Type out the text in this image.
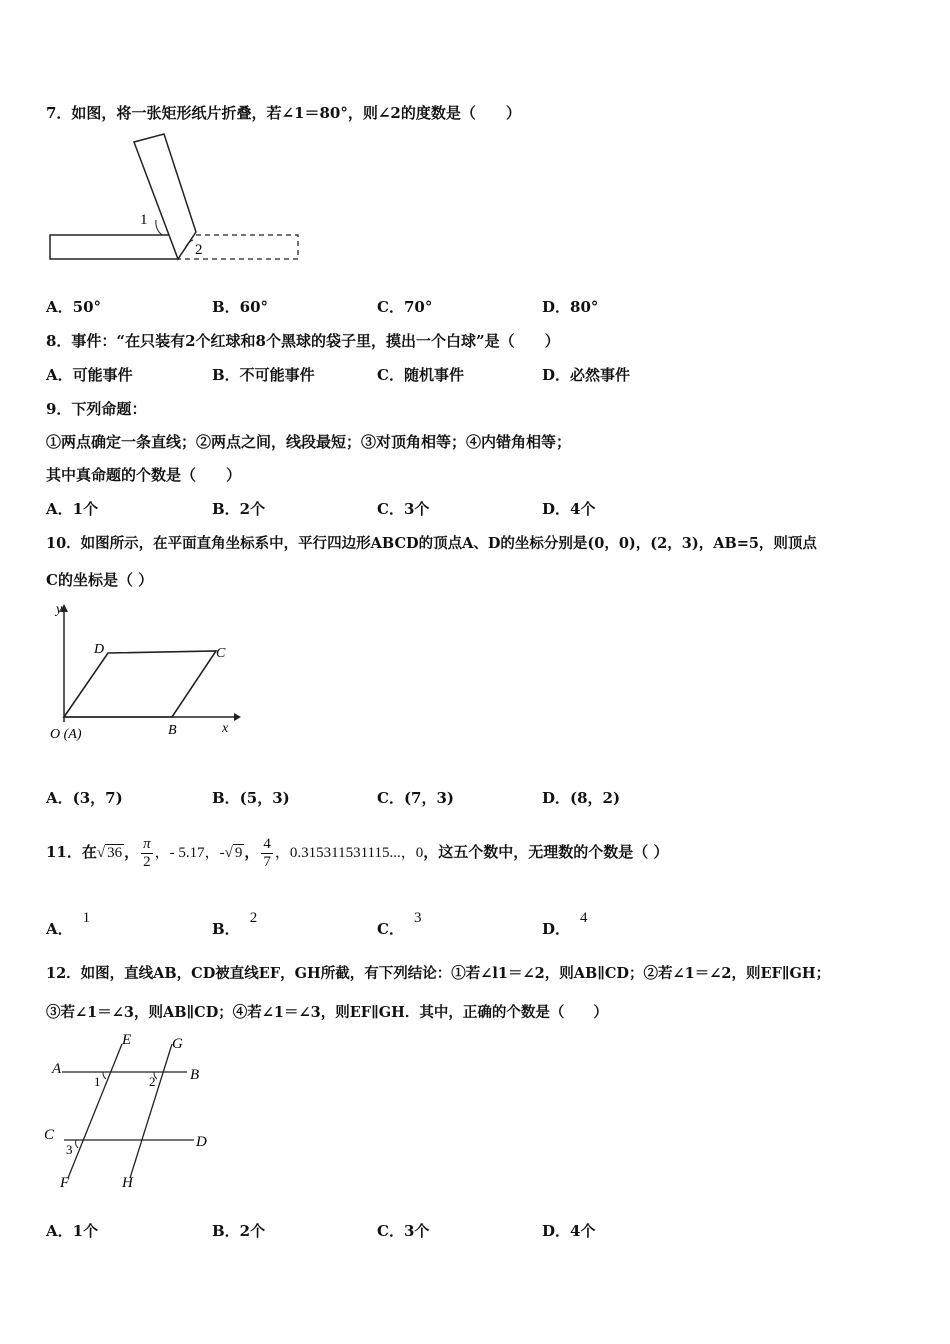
7．如图，将一张矩形纸片折叠，若∠1＝80°，则∠2的度数是（　　）
1
2
A．50°	B．60°	C．70°	D．80°
8．事件：“在只装有2个红球和8个黑球的袋子里，摸出一个白球”是（　　）
A．可能事件	B．不可能事件	C．随机事件	D．必然事件
9．下列命题：
①两点确定一条直线；②两点之间，线段最短；③对顶角相等；④内错角相等；
其中真命题的个数是（　　）
A．1个	B．2个	C．3个	D．4个
10．如图所示，在平面直角坐标系中，平行四边形ABCD的顶点A、D的坐标分别是(0，0)，(2，3)，AB=5，则顶点
C的坐标是（ ）
y
x
O (A)	B
C
D
A．(3，7)	B．(5，3)	C．(7，3)	D．(8，2)
11．在√ 36 ， $\frac{\pi}{2}$ ，- 5.17，-√ 9 ， $\frac{4}{7}$ ，0.315311531115...，0，这五个数中，无理数的个数是（ ）
A．1
B．2
C．3
D．4
12．如图，直线AB，CD被直线EF，GH所截，有下列结论：①若∠l1＝∠2，则AB∥CD；②若∠1＝∠2，则EF∥GH；
③若∠1＝∠3，则AB∥CD；④若∠1＝∠3，则EF∥GH．其中，正确的个数是（　　）
A	B
C	D
E
F
G
H
1	2
3
A．1个	B．2个	C．3个	D．4个
